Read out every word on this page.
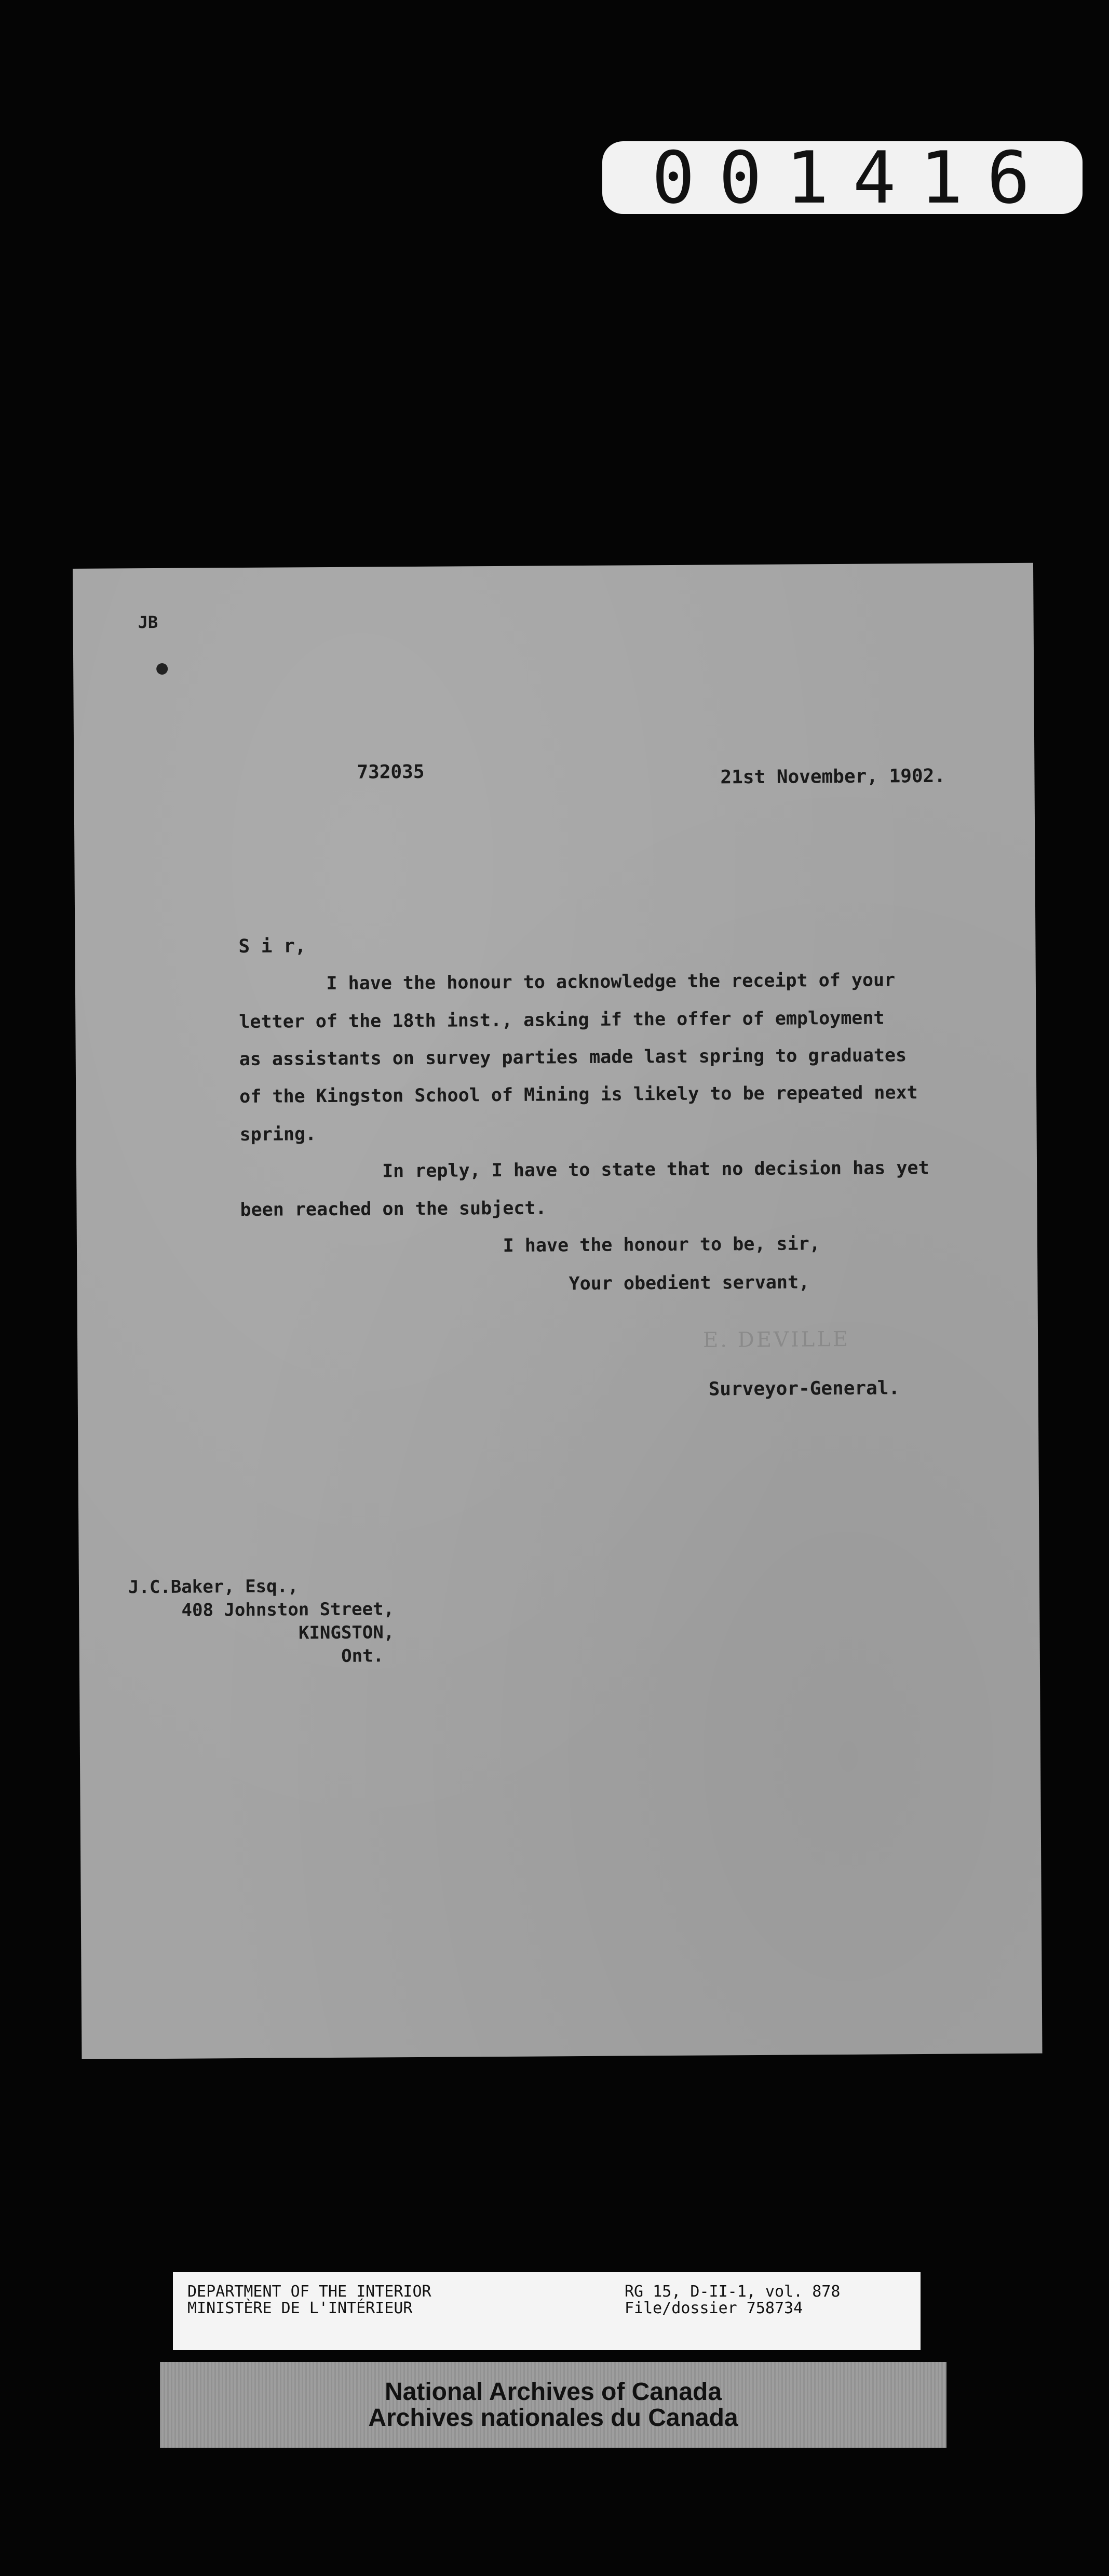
001416
JB
732035	21st November, 1902.
S i r,
I have the honour to acknowledge the receipt of your
letter of the 18th inst., asking if the offer of employment
as assistants on survey parties made last spring to graduates
of the Kingston School of Mining is likely to be repeated next
spring.
In reply, I have to state that no decision has yet
been reached on the subject.
I have the honour to be, sir,
Your obedient servant,
E. DEVILLE
Surveyor-General.
J.C.Baker, Esq.,
408 Johnston Street,
KINGSTON,
Ont.
DEPARTMENT OF THE INTERIOR
MINISTÈRE DE L'INTÉRIEUR
RG 15, D-II-1, vol. 878
File/dossier 758734
National Archives of Canada
Archives nationales du Canada
